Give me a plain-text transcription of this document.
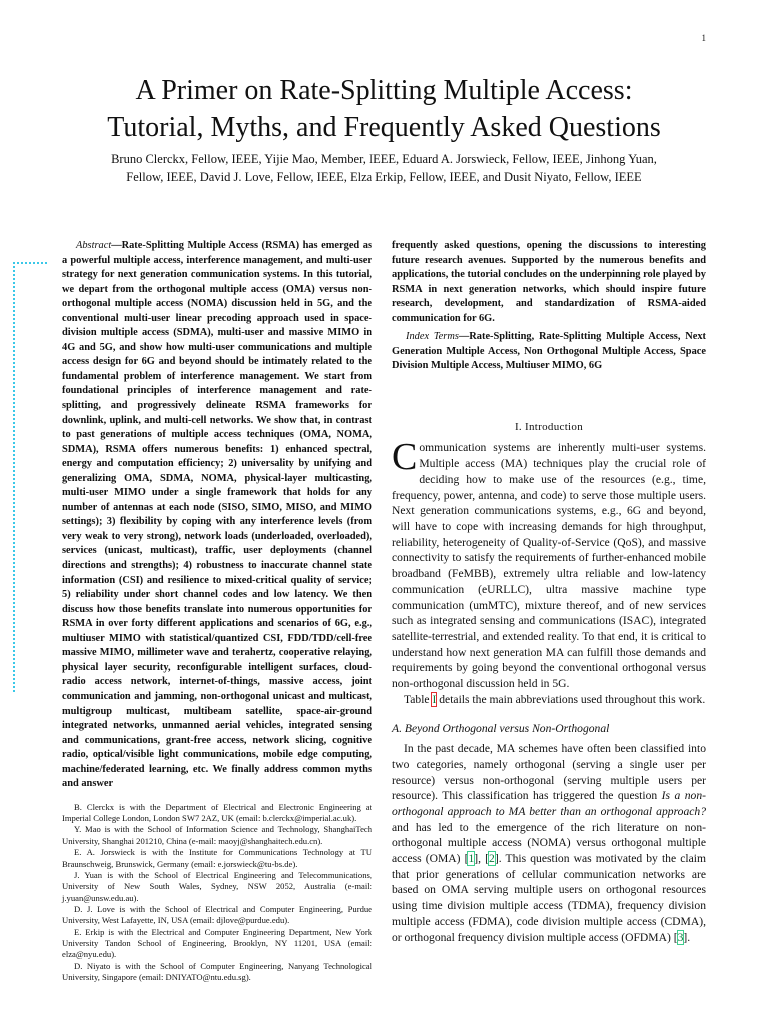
1
A Primer on Rate-Splitting Multiple Access:
Tutorial, Myths, and Frequently Asked Questions
Bruno Clerckx, Fellow, IEEE, Yijie Mao, Member, IEEE, Eduard A. Jorswieck, Fellow, IEEE, Jinhong Yuan,
Fellow, IEEE, David J. Love, Fellow, IEEE, Elza Erkip, Fellow, IEEE, and Dusit Niyato, Fellow, IEEE

Abstract—Rate-Splitting Multiple Access (RSMA) has emerged as a powerful multiple access, interference management, and multi-user strategy for next generation communication systems. In this tutorial, we depart from the orthogonal multiple access (OMA) versus non-orthogonal multiple access (NOMA) discussion held in 5G, and the conventional multi-user linear precoding approach used in space-division multiple access (SDMA), multi-user and massive MIMO in 4G and 5G, and show how multi-user communications and multiple access design for 6G and beyond should be intimately related to the fundamental problem of interference management. We start from foundational principles of interference management and rate-splitting, and progressively delineate RSMA frameworks for downlink, uplink, and multi-cell networks. We show that, in contrast to past generations of multiple access techniques (OMA, NOMA, SDMA), RSMA offers numerous benefits: 1) enhanced spectral, energy and computation efficiency; 2) universality by unifying and generalizing OMA, SDMA, NOMA, physical-layer multicasting, multi-user MIMO under a single framework that holds for any number of antennas at each node (SISO, SIMO, MISO, and MIMO settings); 3) flexibility by coping with any interference levels (from very weak to very strong), network loads (underloaded, overloaded), services (unicast, multicast), traffic, user deployments (channel directions and strengths); 4) robustness to inaccurate channel state information (CSI) and resilience to mixed-critical quality of service; 5) reliability under short channel codes and low latency. We then discuss how those benefits translate into numerous opportunities for RSMA in over forty different applications and scenarios of 6G, e.g., multiuser MIMO with statistical/quantized CSI, FDD/TDD/cell-free massive MIMO, millimeter wave and terahertz, cooperative relaying, physical layer security, reconfigurable intelligent surfaces, cloud-radio access network, internet-of-things, massive access, joint communication and jamming, non-orthogonal unicast and multicast, multigroup multicast, multibeam satellite, space-air-ground integrated networks, unmanned aerial vehicles, integrated sensing and communications, grant-free access, network slicing, cognitive radio, optical/visible light communications, mobile edge computing, machine/federated learning, etc. We finally address common myths and answer

B. Clerckx is with the Department of Electrical and Electronic Engineering at Imperial College London, London SW7 2AZ, UK (email: b.clerckx@imperial.ac.uk).

Y. Mao is with the School of Information Science and Technology, ShanghaiTech University, Shanghai 201210, China (e-mail: maoyj@shanghaitech.edu.cn).

E. A. Jorswieck is with the Institute for Communications Technology at TU Braunschweig, Brunswick, Germany (email: e.jorswieck@tu-bs.de).

J. Yuan is with the School of Electrical Engineering and Telecommunications, University of New South Wales, Sydney, NSW 2052, Australia (e-mail: j.yuan@unsw.edu.au).

D. J. Love is with the School of Electrical and Computer Engineering, Purdue University, West Lafayette, IN, USA (email: djlove@purdue.edu).

E. Erkip is with the Electrical and Computer Engineering Department, New York University Tandon School of Engineering, Brooklyn, NY 11201, USA (email: elza@nyu.edu).

D. Niyato is with the School of Computer Engineering, Nanyang Technological University, Singapore (email: DNIYATO@ntu.edu.sg).

frequently asked questions, opening the discussions to interesting future research avenues. Supported by the numerous benefits and applications, the tutorial concludes on the underpinning role played by RSMA in next generation networks, which should inspire future research, development, and standardization of RSMA-aided communication for 6G.

Index Terms—Rate-Splitting, Rate-Splitting Multiple Access, Next Generation Multiple Access, Non Orthogonal Multiple Access, Space Division Multiple Access, Multiuser MIMO, 6G

I. Introduction

Communication systems are inherently multi-user systems. Multiple access (MA) techniques play the crucial role of deciding how to make use of the resources (e.g., time, frequency, power, antenna, and code) to serve those multiple users. Next generation communications systems, e.g., 6G and beyond, will have to cope with increasing demands for high throughput, reliability, heterogeneity of Quality-of-Service (QoS), and massive connectivity to satisfy the requirements of further-enhanced mobile broadband (FeMBB), extremely ultra reliable and low-latency communication (eURLLC), ultra massive machine type communication (umMTC), mixture thereof, and of new services such as integrated sensing and communications (ISAC), integrated satellite-terrestrial, and extended reality. To that end, it is critical to understand how next generation MA can fulfill those demands and requirements by going beyond the conventional orthogonal versus non-orthogonal discussion held in 5G.

Table I details the main abbreviations used throughout this work.

A. Beyond Orthogonal versus Non-Orthogonal

In the past decade, MA schemes have often been classified into two categories, namely orthogonal (serving a single user per resource) versus non-orthogonal (serving multiple users per resource). This classification has triggered the question Is a non-orthogonal approach to MA better than an orthogonal approach? and has led to the emergence of the rich literature on non-orthogonal multiple access (NOMA) versus orthogonal multiple access (OMA) [1], [2]. This question was motivated by the claim that prior generations of cellular communication networks are based on OMA serving multiple users on orthogonal resources using time division multiple access (TDMA), frequency division multiple access (FDMA), code division multiple access (CDMA), or orthogonal frequency division multiple access (OFDMA) [3].
